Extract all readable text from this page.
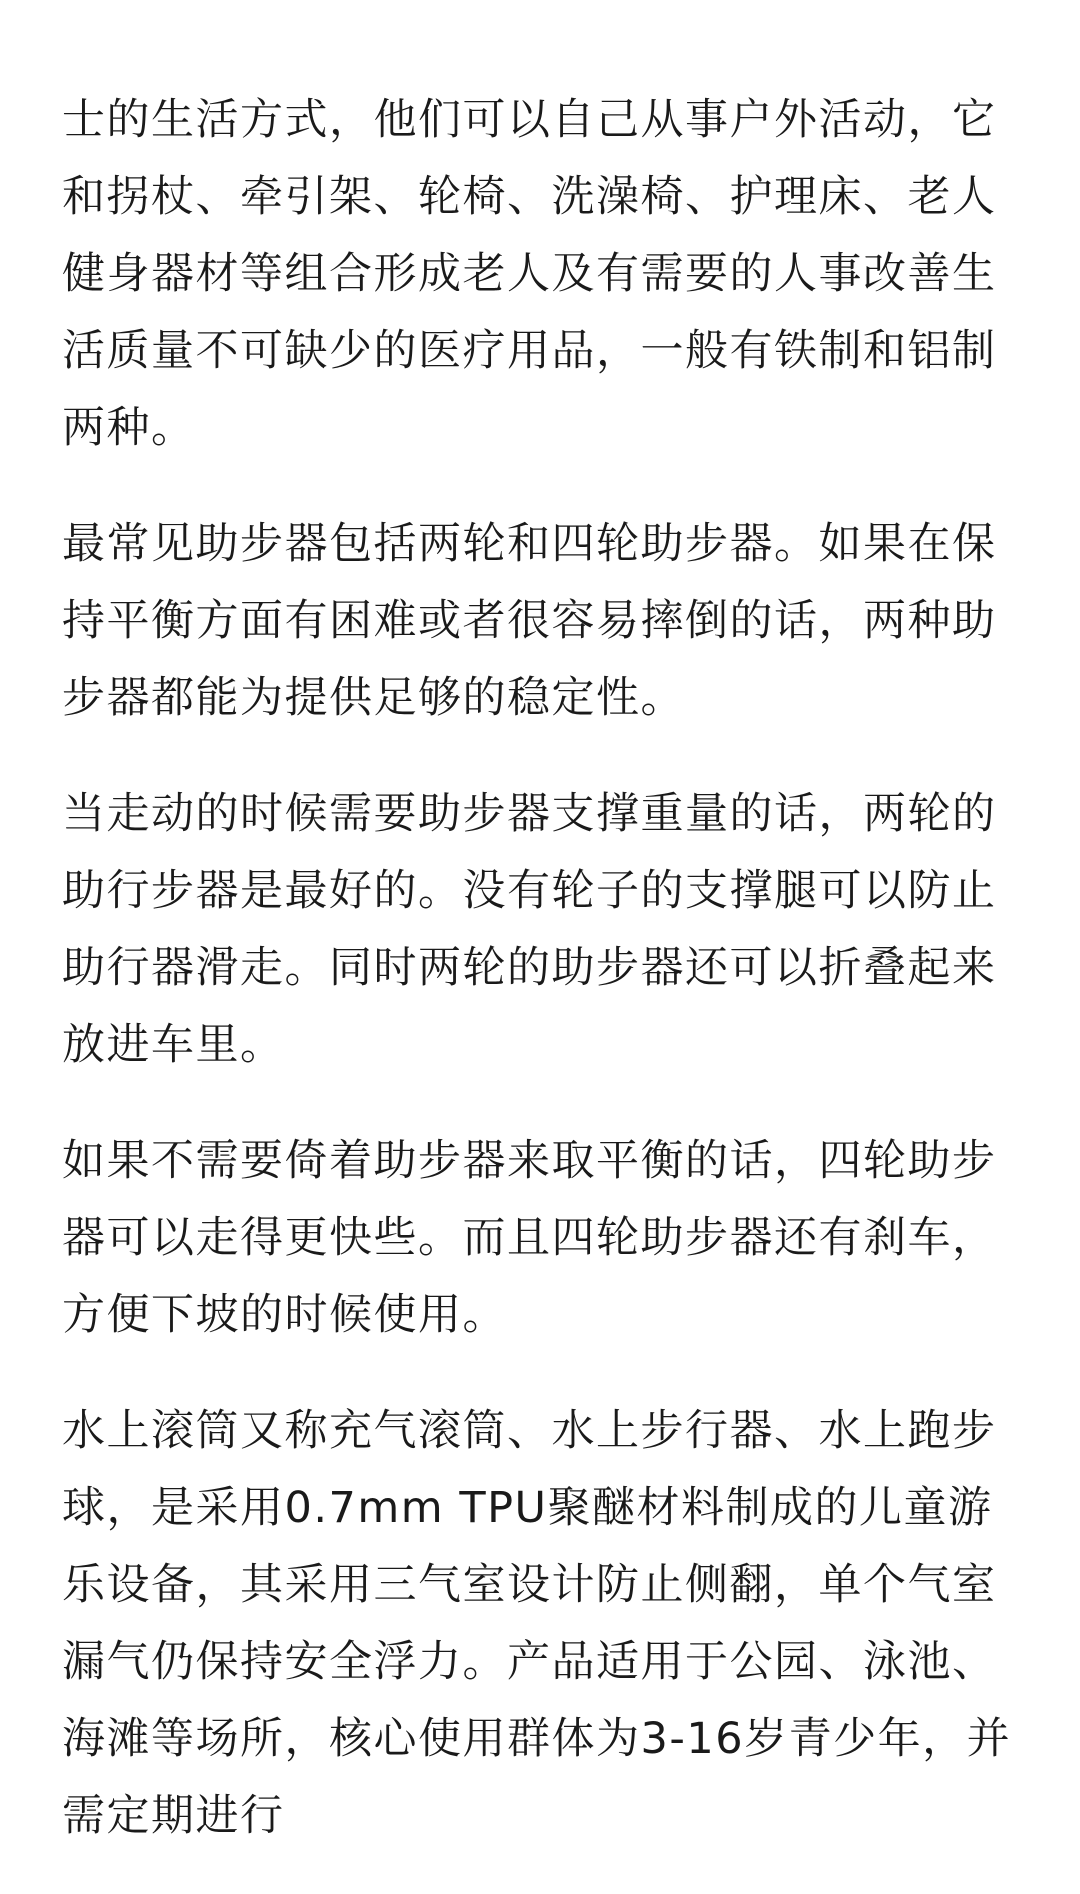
士的生活方式，他们可以自己从事户外活动，它和拐杖、牵引架、轮椅、洗澡椅、护理床、老人健身器材等组合形成老人及有需要的人事改善生活质量不可缺少的医疗用品，一般有铁制和铝制两种。

最常见助步器包括两轮和四轮助步器。如果在保持平衡方面有困难或者很容易摔倒的话，两种助步器都能为提供足够的稳定性。

当走动的时候需要助步器支撑重量的话，两轮的助行步器是最好的。没有轮子的支撑腿可以防止助行器滑走。同时两轮的助步器还可以折叠起来放进车里。

如果不需要倚着助步器来取平衡的话，四轮助步器可以走得更快些。而且四轮助步器还有刹车，方便下坡的时候使用。

水上滚筒又称充气滚筒、水上步行器、水上跑步球，是采用0.7mm TPU聚醚材料制成的儿童游乐设备，其采用三气室设计防止侧翻，单个气室漏气仍保持安全浮力。产品适用于公园、泳池、海滩等场所，核心使用群体为3-16岁青少年，并需定期进行
